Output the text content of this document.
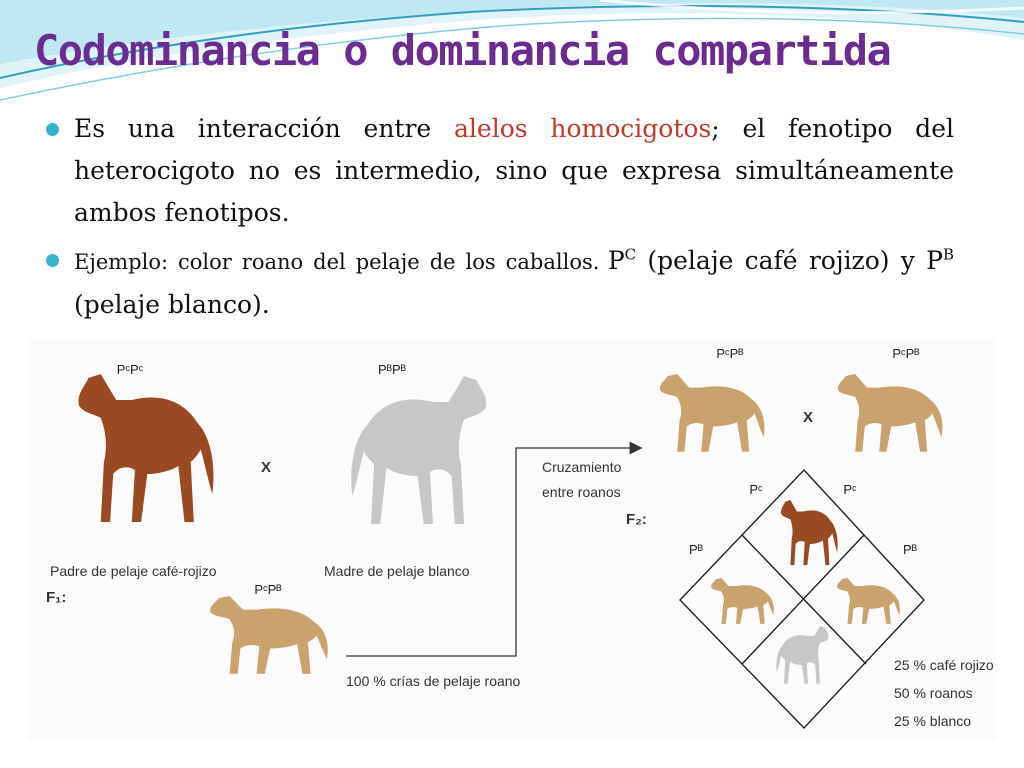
Codominancia o dominancia compartida
Es una interacción entre alelos homocigotos; el fenotipo del heterocigoto no es intermedio, sino que expresa simultáneamente ambos fenotipos.
Ejemplo: color roano del pelaje de los caballos. $P^C$ (pelaje café rojizo) y $P^B$ (pelaje blanco).
PᶜPᶜ	PᴮPᴮ
X
Padre de pelaje café-rojizo	Madre de pelaje blanco
F₁:	PᶜPᴮ
100 % crías de pelaje roano
Cruzamiento
entre roanos
PᶜPᴮ	PᶜPᴮ
X
F₂:
Pᶜ	Pᶜ
Pᴮ	Pᴮ
25 % café rojizo
50 % roanos
25 % blanco
